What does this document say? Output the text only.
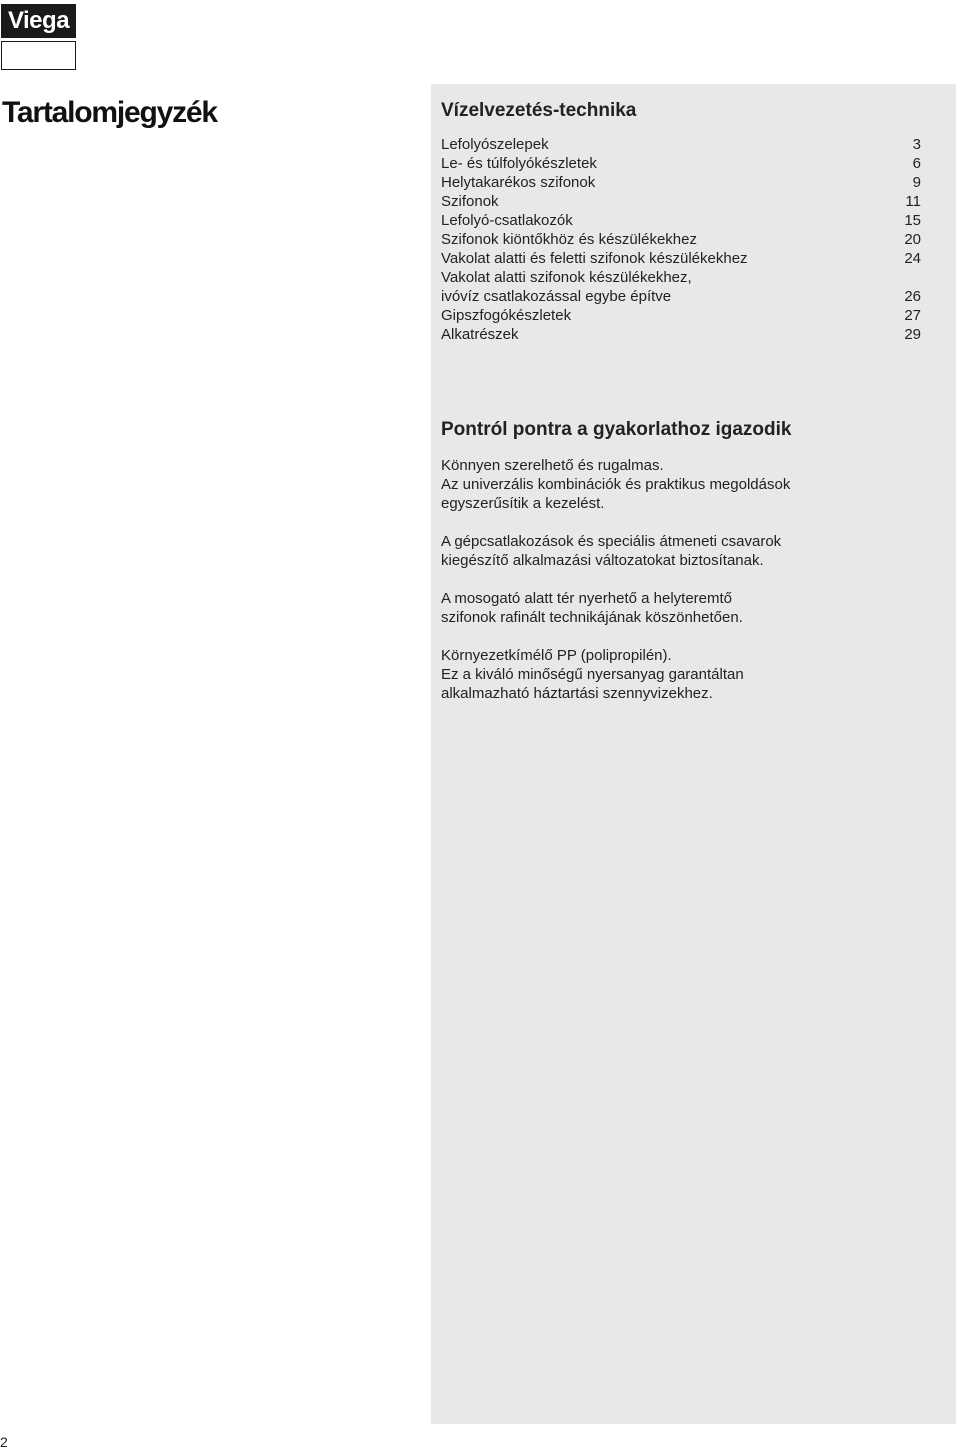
Viega
Tartalomjegyzék	Vízelvezetés-technika
Lefolyószelepek	3
Le- és túlfolyókészletek	6
Helytakarékos szifonok	9
Szifonok	11
Lefolyó-csatlakozók	15
Szifonok kiöntőkhöz és készülékekhez	20
Vakolat alatti és feletti szifonok készülékekhez	24
Vakolat alatti szifonok készülékekhez,
ivóvíz csatlakozással egybe építve	26
Gipszfogókészletek	27
Alkatrészek	29
Pontról pontra a gyakorlathoz igazodik

Könnyen szerelhető és rugalmas.
Az univerzális kombinációk és praktikus megoldások
egyszerűsítik a kezelést.

A gépcsatlakozások és speciális átmeneti csavarok
kiegészítő alkalmazási változatokat biztosítanak.

A mosogató alatt tér nyerhető a helyteremtő
szifonok rafinált technikájának köszönhetően.

Környezetkímélő PP (polipropilén).
Ez a kiváló minőségű nyersanyag garantáltan
alkalmazható háztartási szennyvizekhez.

2
